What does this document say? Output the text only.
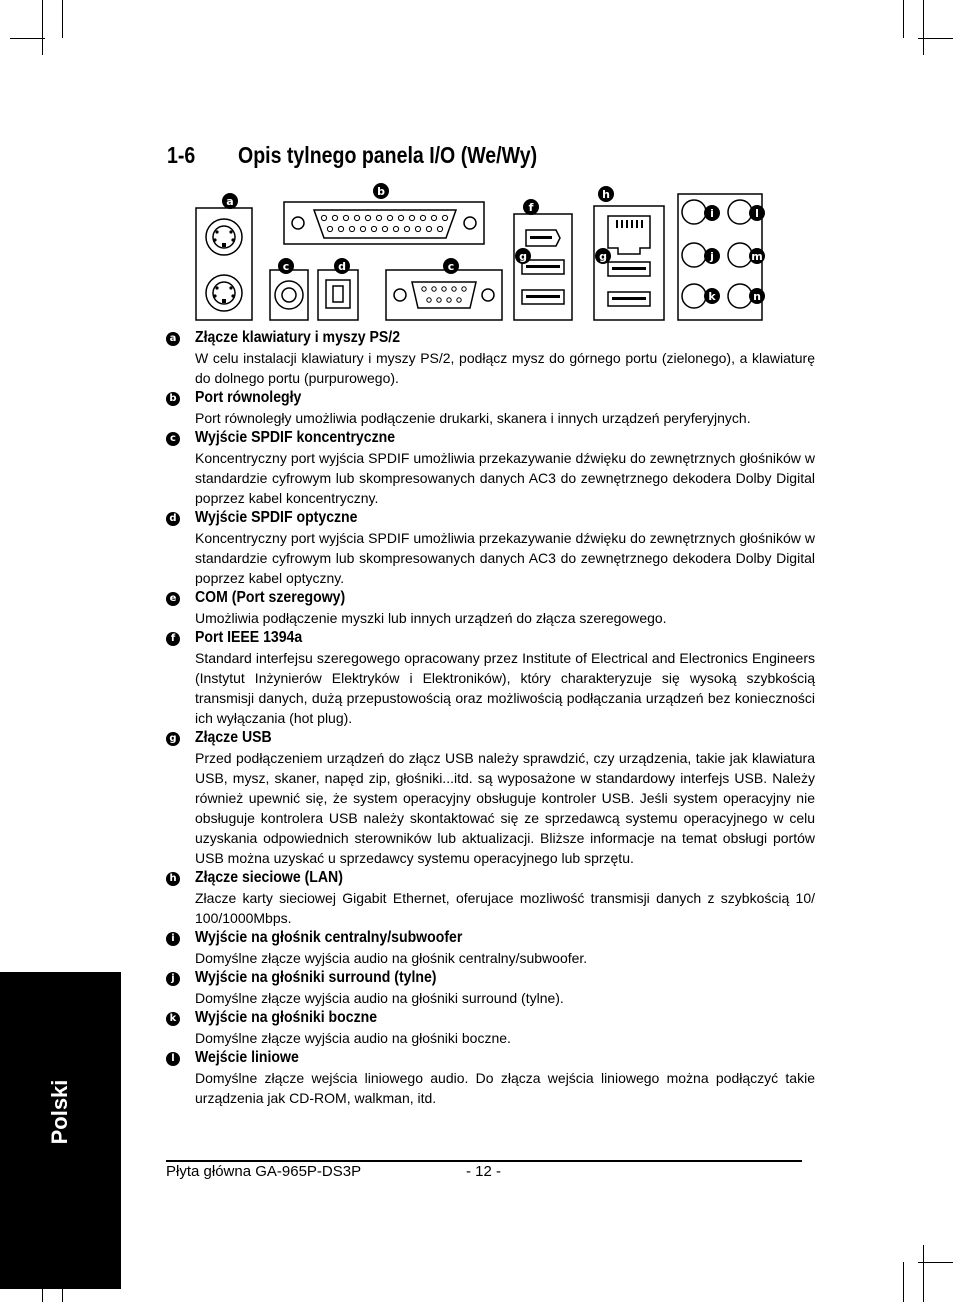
1-6 Opis tylnego panela I/O (We/Wy)
a
b
c	d	c
f
h
g	g
i	l
j	m
k	n
a Złącze klawiatury i myszy PS/2

W celu instalacji klawiatury i myszy PS/2, podłącz mysz do górnego portu (zielonego), a klawiaturę do dolnego portu (purpurowego).

b Port równoległy

Port równoległy umożliwia podłączenie drukarki, skanera i innych urządzeń peryferyjnych.

c Wyjście SPDIF koncentryczne

Koncentryczny port wyjścia SPDIF umożliwia przekazywanie dźwięku do zewnętrznych głośników w standardzie cyfrowym lub skompresowanych danych AC3 do zewnętrznego dekodera Dolby Digital poprzez kabel koncentryczny.

d Wyjście SPDIF optyczne

Koncentryczny port wyjścia SPDIF umożliwia przekazywanie dźwięku do zewnętrznych głośników w standardzie cyfrowym lub skompresowanych danych AC3 do zewnętrznego dekodera Dolby Digital poprzez kabel optyczny.

e COM (Port szeregowy)

Umożliwia podłączenie myszki lub innych urządzeń do złącza szeregowego.

f	Port IEEE 1394a

Standard interfejsu szeregowego opracowany przez Institute of Electrical and Electronics Engineers (Instytut Inżynierów Elektryków i Elektroników), który charakteryzuje się wysoką szybkością transmisji danych, dużą przepustowością oraz możliwością podłączania urządzeń bez konieczności ich wyłączania (hot plug).

g Złącze USB

Przed podłączeniem urządzeń do złącz USB należy sprawdzić, czy urządzenia, takie jak klawiatura USB, mysz, skaner, napęd zip, głośniki...itd. są wyposażone w standardowy interfejs USB. Należy również upewnić się, że system operacyjny obsługuje kontroler USB. Jeśli system operacyjny nie obsługuje kontrolera USB należy skontaktować się ze sprzedawcą systemu operacyjnego w celu uzyskania odpowiednich sterowników lub aktualizacji. Bliższe informacje na temat obsługi portów USB można uzyskać u sprzedawcy systemu operacyjnego lub sprzętu.

h Złącze sieciowe (LAN)

Złacze karty sieciowej Gigabit Ethernet, oferujace mozliwość transmisji danych z szybkością 10/ 100/1000Mbps.

i	Wyjście na głośnik centralny/subwoofer

Domyślne złącze wyjścia audio na głośnik centralny/subwoofer.

j	Wyjście na głośniki surround (tylne)

Domyślne złącze wyjścia audio na głośniki surround (tylne).

k Wyjście na głośniki boczne

Domyślne złącze wyjścia audio na głośniki boczne.

l	Wejście liniowe

Domyślne złącze wejścia liniowego audio. Do złącza wejścia liniowego można podłączyć takie urządzenia jak CD-ROM, walkman, itd.

Polski
Płyta główna GA-965P-DS3P	- 12 -
